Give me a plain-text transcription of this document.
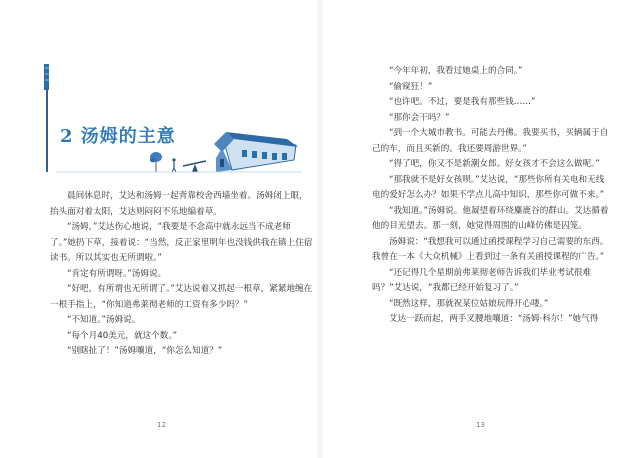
2 汤姆的主意

晨间休息时，艾达和汤姆一起背靠校舍西墙坐着。汤姆闭上眼，抬头面对着太阳，艾达则闷闷不乐地编着草。

“汤姆，”艾达伤心地说，“我要是不念高中就永远当不成老师了。”她扔下草，接着说：“当然，反正家里明年也没钱供我在镇上住宿读书。所以其实也无所谓啦。”

“肯定有所谓呀。”汤姆说。

“好吧，有所谓也无所谓了。”艾达说着又抓起一根草，紧紧地缠在一根手指上，“你知道弗莱彻老师的工资有多少吗？”

“不知道。”汤姆说。

“每个月40美元，就这个数。”

“别瞎扯了！”汤姆嚷道，“你怎么知道？”

12

“今年年初，我看过她桌上的合同。”

“偷窥狂！”

“也许吧。不过，要是我有那些钱……”

“那你会干吗？”

“到一个大城市教书。可能去丹佛。我要买书，买辆属于自己的车，而且买新的。我还要周游世界。”

“得了吧，你又不是新潮女郎。好女孩才不会这么做呢。”

“那我就不是好女孩呗。”艾达说，“那些你所有关电和无线电的爱好怎么办？如果不学点儿高中知识，那些你可做不来。”

“我知道。”汤姆说。他凝望着环绕麋鹿谷的群山。艾达循着他的目光望去。那一刻，她觉得周围的山峰仿佛是囚笼。

汤姆说：“我想我可以通过函授课程学习自己需要的东西。我曾在一本《大众机械》上看到过一条有关函授课程的广告。”

“还记得几个星期前弗莱彻老师告诉我们毕业考试很难吗？”艾达说，“我都已经开始复习了。”

“既然这样，那就祝某位姑娘玩得开心喽。”

艾达一跃而起，两手叉腰地嚷道：“汤姆·科尔！”她气得

13
